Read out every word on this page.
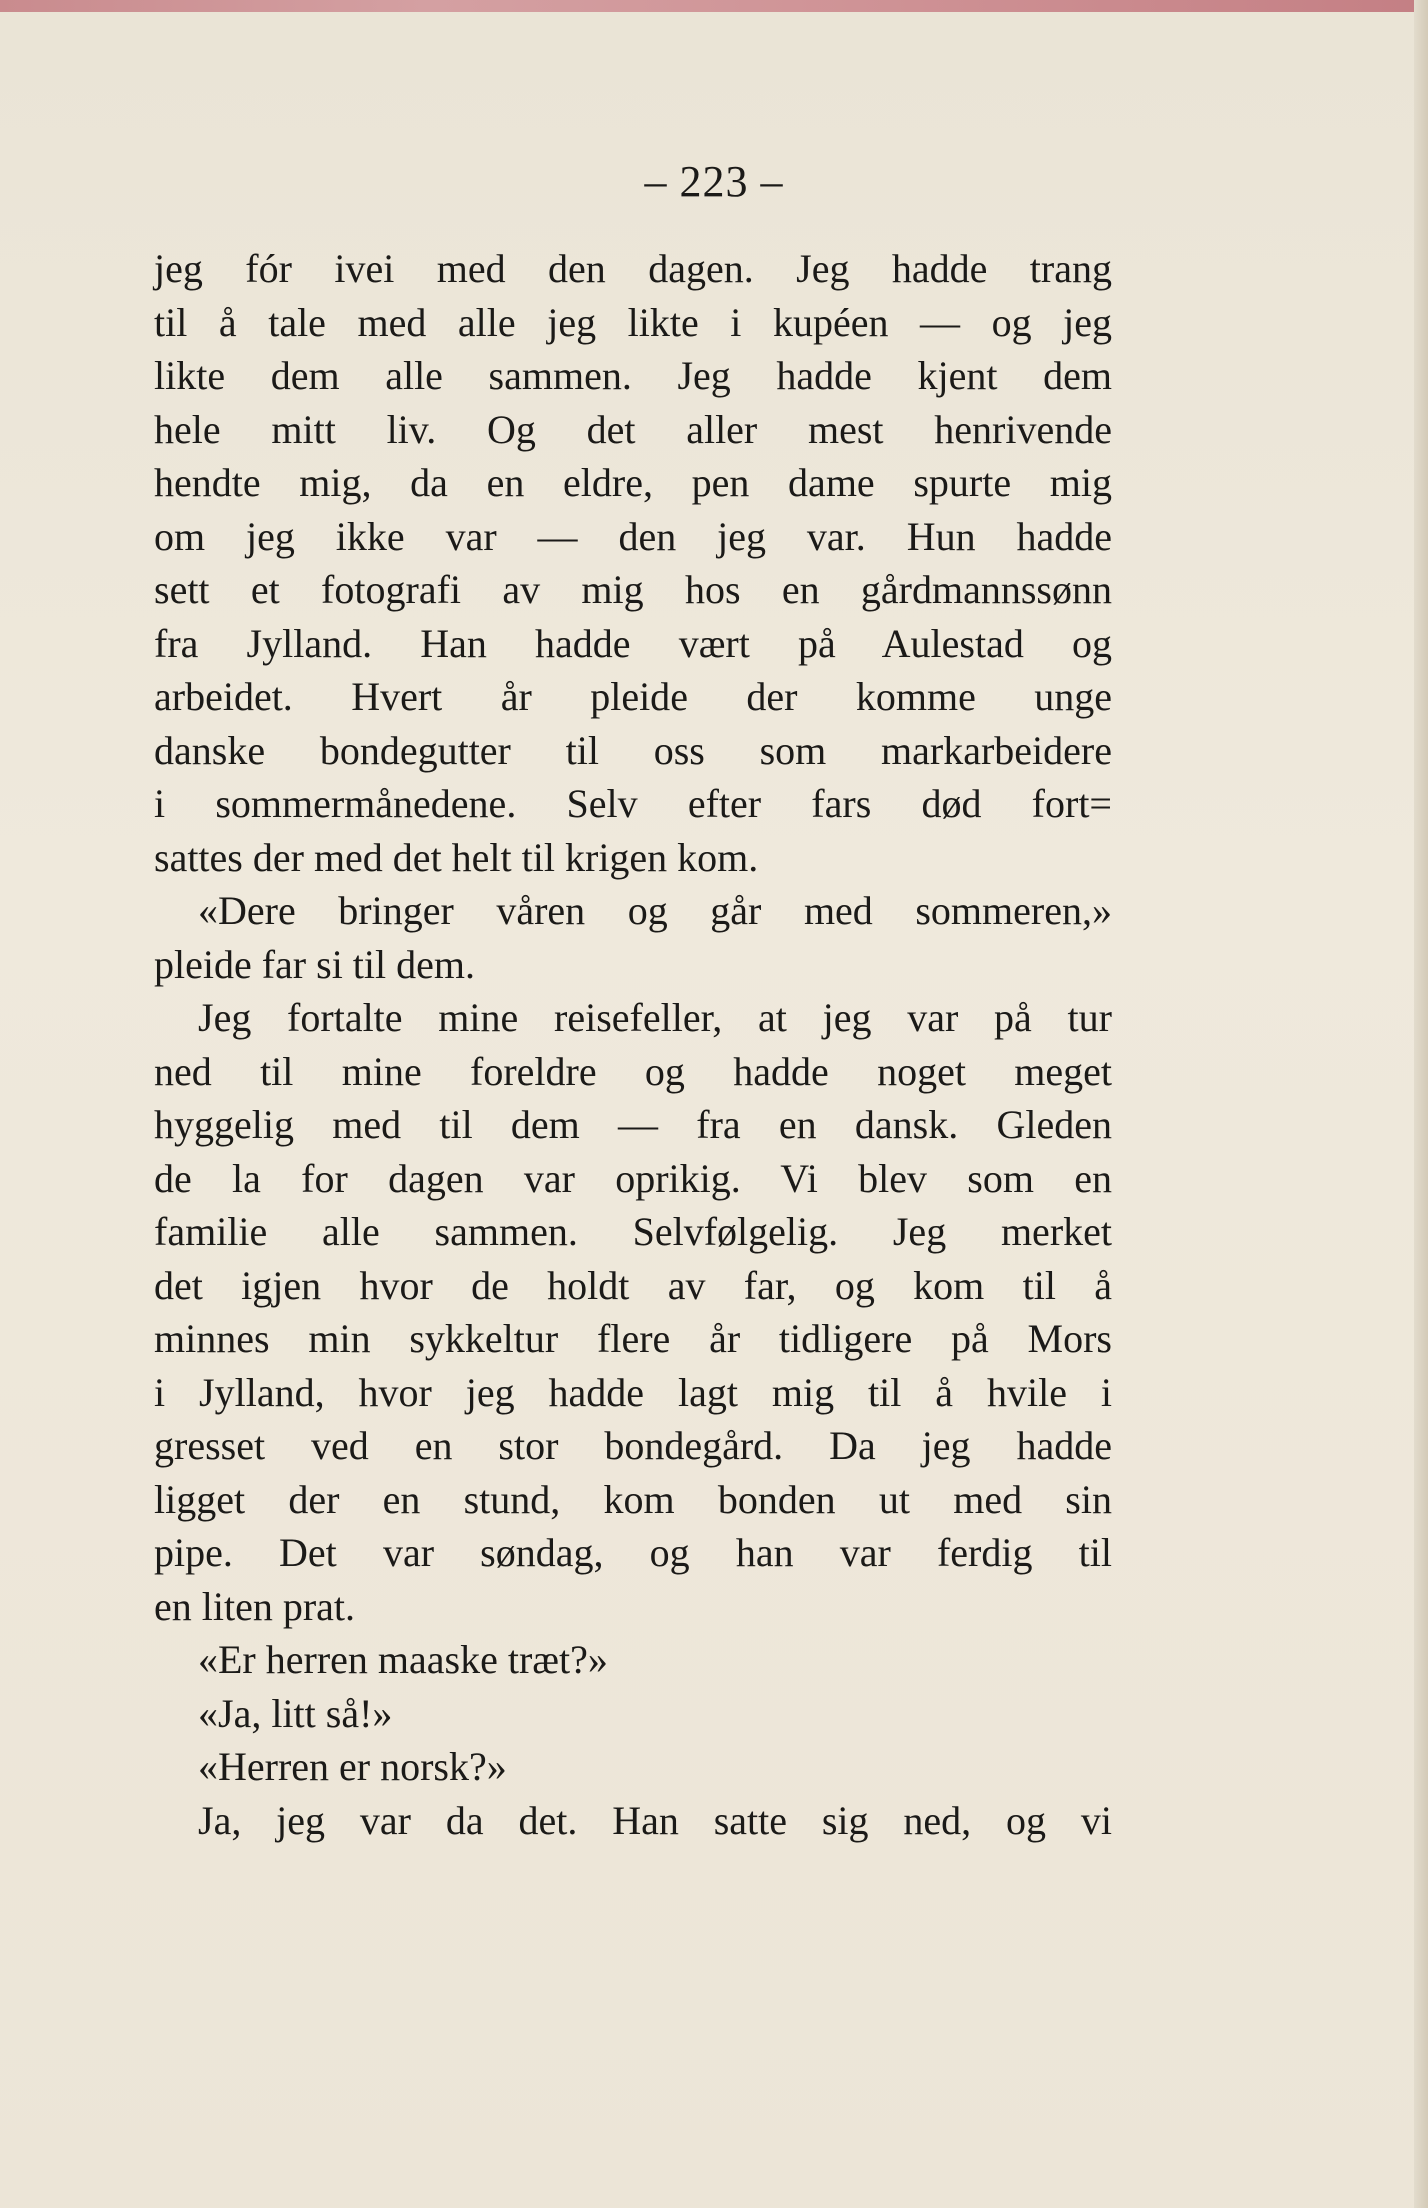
– 223 –
jeg fór ivei med den dagen. Jeg hadde trang
til å tale med alle jeg likte i kupéen — og jeg
likte dem alle sammen. Jeg hadde kjent dem
hele mitt liv. Og det aller mest henrivende
hendte mig, da en eldre, pen dame spurte mig
om jeg ikke var — den jeg var. Hun hadde
sett et fotografi av mig hos en gårdmannssønn
fra Jylland. Han hadde vært på Aulestad og
arbeidet. Hvert år pleide der komme unge
danske bondegutter til oss som markarbeidere
i sommermånedene. Selv efter fars død fort=
sattes der med det helt til krigen kom.
«Dere bringer våren og går med sommeren,»
pleide far si til dem.
Jeg fortalte mine reisefeller, at jeg var på tur
ned til mine foreldre og hadde noget meget
hyggelig med til dem — fra en dansk. Gleden
de la for dagen var oprikig. Vi blev som en
familie alle sammen. Selvfølgelig. Jeg merket
det igjen hvor de holdt av far, og kom til å
minnes min sykkeltur flere år tidligere på Mors
i Jylland, hvor jeg hadde lagt mig til å hvile i
gresset ved en stor bondegård. Da jeg hadde
ligget der en stund, kom bonden ut med sin
pipe. Det var søndag, og han var ferdig til
en liten prat.
«Er herren maaske træt?»
«Ja, litt så!»
«Herren er norsk?»
Ja, jeg var da det. Han satte sig ned, og vi
